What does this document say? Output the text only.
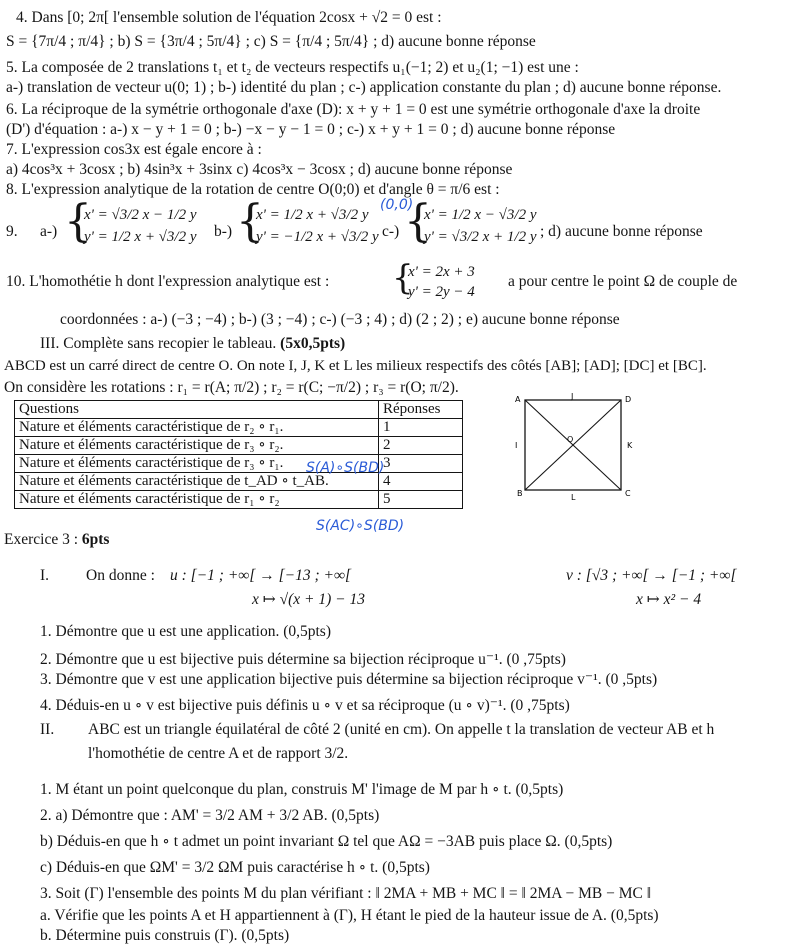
4. Dans [0; 2π[ l'ensemble solution de l'équation 2cosx + √2 = 0 est :
S = {7π/4 ; π/4} ; b) S = {3π/4 ; 5π/4} ; c) S = {π/4 ; 5π/4} ; d) aucune bonne réponse
5. La composée de 2 translations t₁ et t₂ de vecteurs respectifs u₁(−1; 2) et u₂(1; −1) est une :
a-) translation de vecteur u(0; 1) ; b-) identité du plan ; c-) application constante du plan ; d) aucune bonne réponse.
6. La réciproque de la symétrie orthogonale d'axe (D): x + y + 1 = 0 est une symétrie orthogonale d'axe la droite
(D') d'équation : a-) x − y + 1 = 0 ; b-) −x − y − 1 = 0 ; c-) x + y + 1 = 0 ; d) aucune bonne réponse
7. L'expression cos3x est égale encore à :
a) 4cos³x + 3cosx ; b) 4sin³x + 3sinx c) 4cos³x − 3cosx ; d) aucune bonne réponse
8. L'expression analytique de la rotation de centre O(0;0) et d'angle θ = π/6 est :
(0,0)
9. a-) {
x' = √3/2 x − 1/2 y
y' = 1/2 x + √3/2 y b-) {
x' = 1/2 x + √3/2 y
y' = −1/2 x + √3/2 y c-) {
x' = 1/2 x − √3/2 y
y' = √3/2 x + 1/2 y ; d) aucune bonne réponse
10. L'homothétie h dont l'expression analytique est : {
x' = 2x + 3
y' = 2y − 4
a pour centre le point Ω de couple de
coordonnées : a-) (−3 ; −4) ; b-) (3 ; −4) ; c-) (−3 ; 4) ; d) (2 ; 2) ; e) aucune bonne réponse
III. Complète sans recopier le tableau. (5x0,5pts)
ABCD est un carré direct de centre O. On note I, J, K et L les milieux respectifs des côtés [AB]; [AD]; [DC] et [BC].
On considère les rotations : r₁ = r(A; π/2) ; r₂ = r(C; −π/2) ; r₃ = r(O; π/2).
Questions	Réponses
Nature et éléments caractéristique de r₂ ∘ r₁.	1
Nature et éléments caractéristique de r₃ ∘ r₂.	2
Nature et éléments caractéristique de r₃ ∘ r₁.	3
Nature et éléments caractéristique de t_AD ∘ t_AB.	4
Nature et éléments caractéristique de r₁ ∘ r₂	5
S(A)∘S(BD)
S(AC)∘S(BD)
A	J	D
I
O
K
B	L	C
Exercice 3 : 6pts
I. On donne : u : [−1 ; +∞[ → [−13 ; +∞[
x ↦ √(x + 1) − 13
v : [√3 ; +∞[ → [−1 ; +∞[
x ↦ x² − 4
1. Démontre que u est une application. (0,5pts)
2. Démontre que u est bijective puis détermine sa bijection réciproque u⁻¹. (0 ,75pts)
3. Démontre que v est une application bijective puis détermine sa bijection réciproque v⁻¹. (0 ,5pts)
4. Déduis-en u ∘ v est bijective puis définis u ∘ v et sa réciproque (u ∘ v)⁻¹. (0 ,75pts)
II. ABC est un triangle équilatéral de côté 2 (unité en cm). On appelle t la translation de vecteur AB et h
l'homothétie de centre A et de rapport 3/2.
1. M étant un point quelconque du plan, construis M' l'image de M par h ∘ t. (0,5pts)
2. a) Démontre que : AM' = 3/2 AM + 3/2 AB. (0,5pts)
b) Déduis-en que h ∘ t admet un point invariant Ω tel que AΩ = −3AB puis place Ω. (0,5pts)
c) Déduis-en que ΩM' = 3/2 ΩM puis caractérise h ∘ t. (0,5pts)
3. Soit (Γ) l'ensemble des points M du plan vérifiant : ‖ 2MA + MB + MC ‖ = ‖ 2MA − MB − MC ‖
a. Vérifie que les points A et H appartiennent à (Γ), H étant le pied de la hauteur issue de A. (0,5pts)
b. Détermine puis construis (Γ). (0,5pts)
